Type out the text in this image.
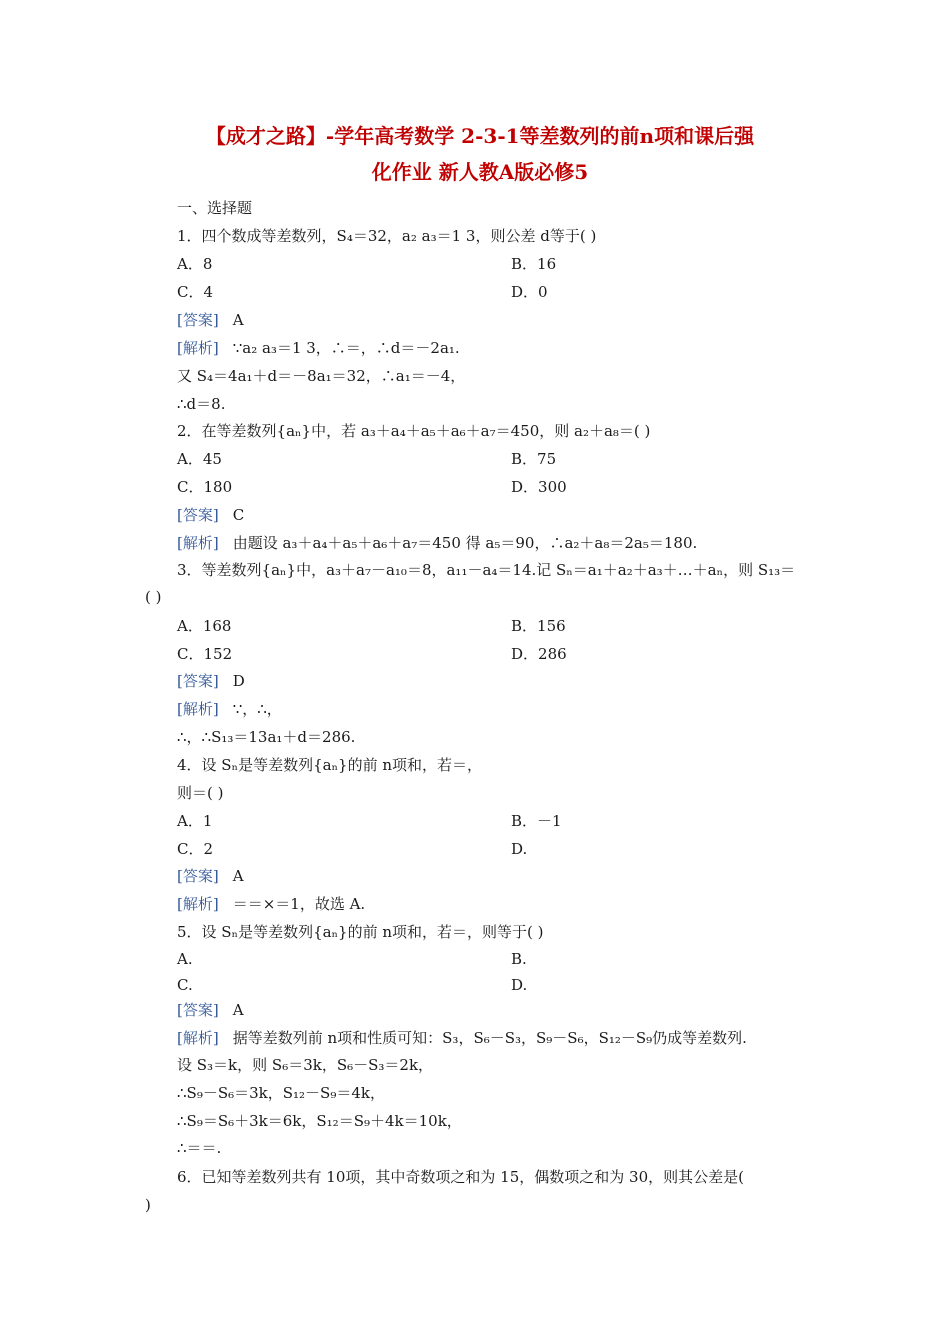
【成才之路】-学年高考数学 2-3-1等差数列的前n项和课后强
化作业 新人教A版必修5
一、选择题
1．四个数成等差数列，S₄＝32，a₂ a₃＝1 3，则公差 d等于( )
A．8	B．16
C．4	D．0
[答案] A
[解析] ∵a₂ a₃＝1 3，∴＝，∴d＝－2a₁.
又 S₄＝4a₁＋d＝－8a₁＝32，∴a₁＝－4，
∴d＝8.
2．在等差数列{aₙ}中，若 a₃＋a₄＋a₅＋a₆＋a₇＝450，则 a₂＋a₈＝( )
A．45	B．75
C．180	D．300
[答案] C
[解析] 由题设 a₃＋a₄＋a₅＋a₆＋a₇＝450 得 a₅＝90，∴a₂＋a₈＝2a₅＝180.
3．等差数列{aₙ}中，a₃＋a₇－a₁₀＝8，a₁₁－a₄＝14.记 Sₙ＝a₁＋a₂＋a₃＋…＋aₙ，则 S₁₃＝
( )
A．168	B．156
C．152	D．286
[答案] D
[解析] ∵，∴，
∴，∴S₁₃＝13a₁＋d＝286.
4．设 Sₙ是等差数列{aₙ}的前 n项和，若＝，
则＝( )
A．1	B．－1
C．2	D.
[答案] A
[解析] ＝＝×＝1，故选 A.
5．设 Sₙ是等差数列{aₙ}的前 n项和，若＝，则等于( )
A.	B.
C.	D.
[答案] A
[解析] 据等差数列前 n项和性质可知：S₃，S₆－S₃，S₉－S₆，S₁₂－S₉仍成等差数列.
设 S₃＝k，则 S₆＝3k，S₆－S₃＝2k，
∴S₉－S₆＝3k，S₁₂－S₉＝4k，
∴S₉＝S₆＋3k＝6k，S₁₂＝S₉＋4k＝10k，
∴＝＝.
6．已知等差数列共有 10项，其中奇数项之和为 15，偶数项之和为 30，则其公差是(
)
